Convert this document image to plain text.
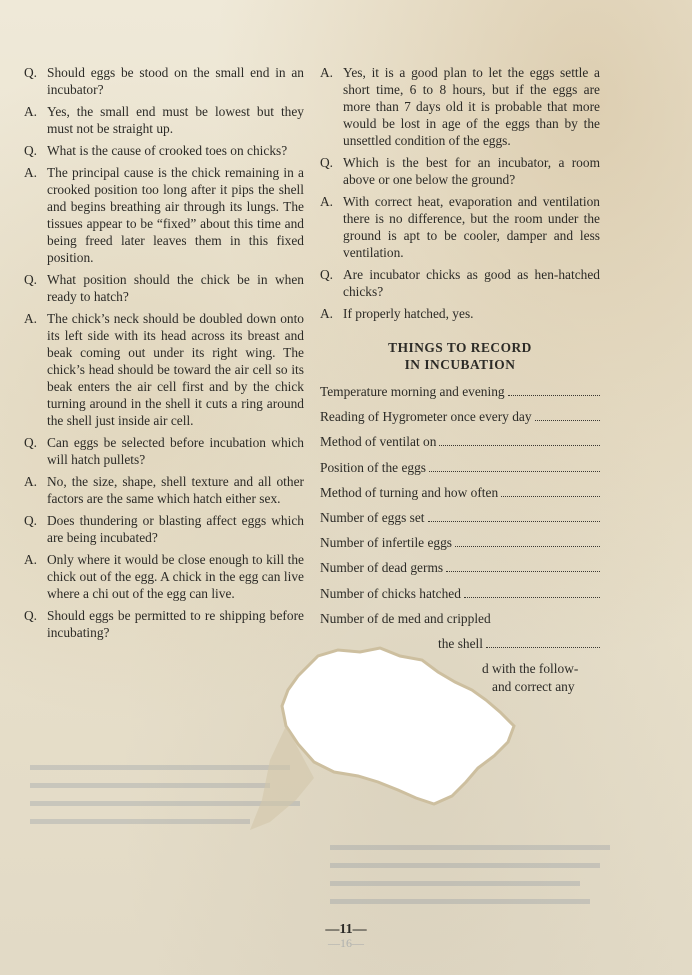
Q. Should eggs be stood on the small end in an incubator?
A. Yes, the small end must be lowest but they must not be straight up.
Q. What is the cause of crooked toes on chicks?
A. The principal cause is the chick remaining in a crooked position too long after it pips the shell and begins breathing air through its lungs. The tissues appear to be “fixed” about this time and being freed later leaves them in this fixed position.
Q. What position should the chick be in when ready to hatch?
A. The chick’s neck should be doubled down onto its left side with its head across its breast and beak coming out under its right wing. The chick’s head should be toward the air cell so its beak enters the air cell first and by the chick turning around in the shell it cuts a ring around the shell just inside air cell.
Q. Can eggs be selected before incubation which will hatch pullets?
A. No, the size, shape, shell texture and all other factors are the same which hatch either sex.
Q. Does thundering or blasting affect eggs which are being incubated?
A. Only where it would be close enough to kill the chick out of the egg. A chick in the egg can live where a chi out of the egg can live.
Q. Should eggs be permitted to re shipping before incubating?
A. Yes, it is a good plan to let the eggs settle a short time, 6 to 8 hours, but if the eggs are more than 7 days old it is probable that more would be lost in age of the eggs than by the unsettled condition of the eggs.
Q. Which is the best for an incubator, a room above or one below the ground?
A. With correct heat, evaporation and ventilation there is no difference, but the room under the ground is apt to be cooler, damper and less ventilation.
Q. Are incubator chicks as good as hen-hatched chicks?
A. If properly hatched, yes.
THINGS TO RECORD
IN INCUBATION
Temperature morning and evening
Reading of Hygrometer once every day
Method of ventilat on
Position of the eggs
Method of turning and how often
Number of eggs set
Number of infertile eggs
Number of dead germs
Number of chicks hatched
Number of de med and crippled
the shell
d with the follow-
and correct any
—11—
—16—
